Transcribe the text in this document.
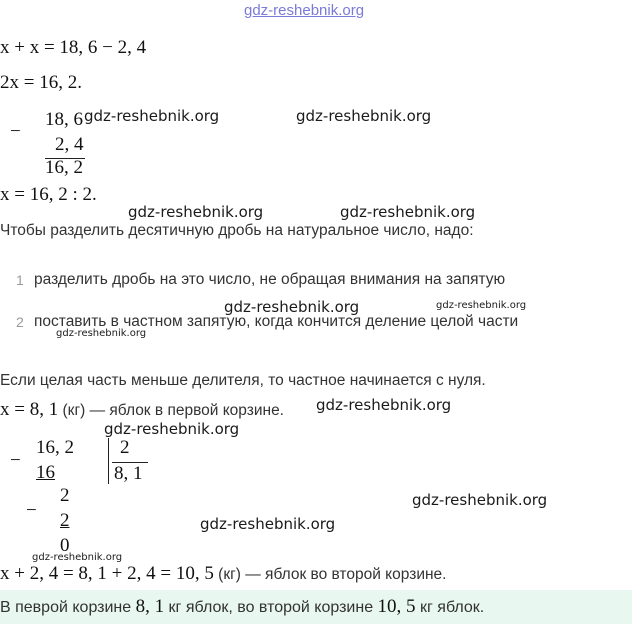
gdz-reshebnik.org
x + x = 18, 6 − 2, 4
2x = 16, 2.
−
18, 6
2, 4
16, 2
x = 16, 2 : 2.
Чтобы разделить десятичную дробь на натуральное число, надо:
1 разделить дробь на это число, не обращая внимания на запятую
2 поставить в частном запятую, когда кончится деление целой части
Если целая часть меньше делителя, то частное начинается с нуля.
x = 8, 1 (кг) — яблок в первой корзине.
−
16, 2
16
2
8, 1
−
2
2
0
x + 2, 4 = 8, 1 + 2, 4 = 10, 5 (кг) — яблок во второй корзине.
В певрой корзине 8, 1 кг яблок, во второй корзине 10, 5 кг яблок.
gdz-reshebnik.org	gdz-reshebnik.org
gdz-reshebnik.org	gdz-reshebnik.org
gdz-reshebnik.org	gdz-reshebnik.org
gdz-reshebnik.org
gdz-reshebnik.org
gdz-reshebnik.org
gdz-reshebnik.org
gdz-reshebnik.org
gdz-reshebnik.org
